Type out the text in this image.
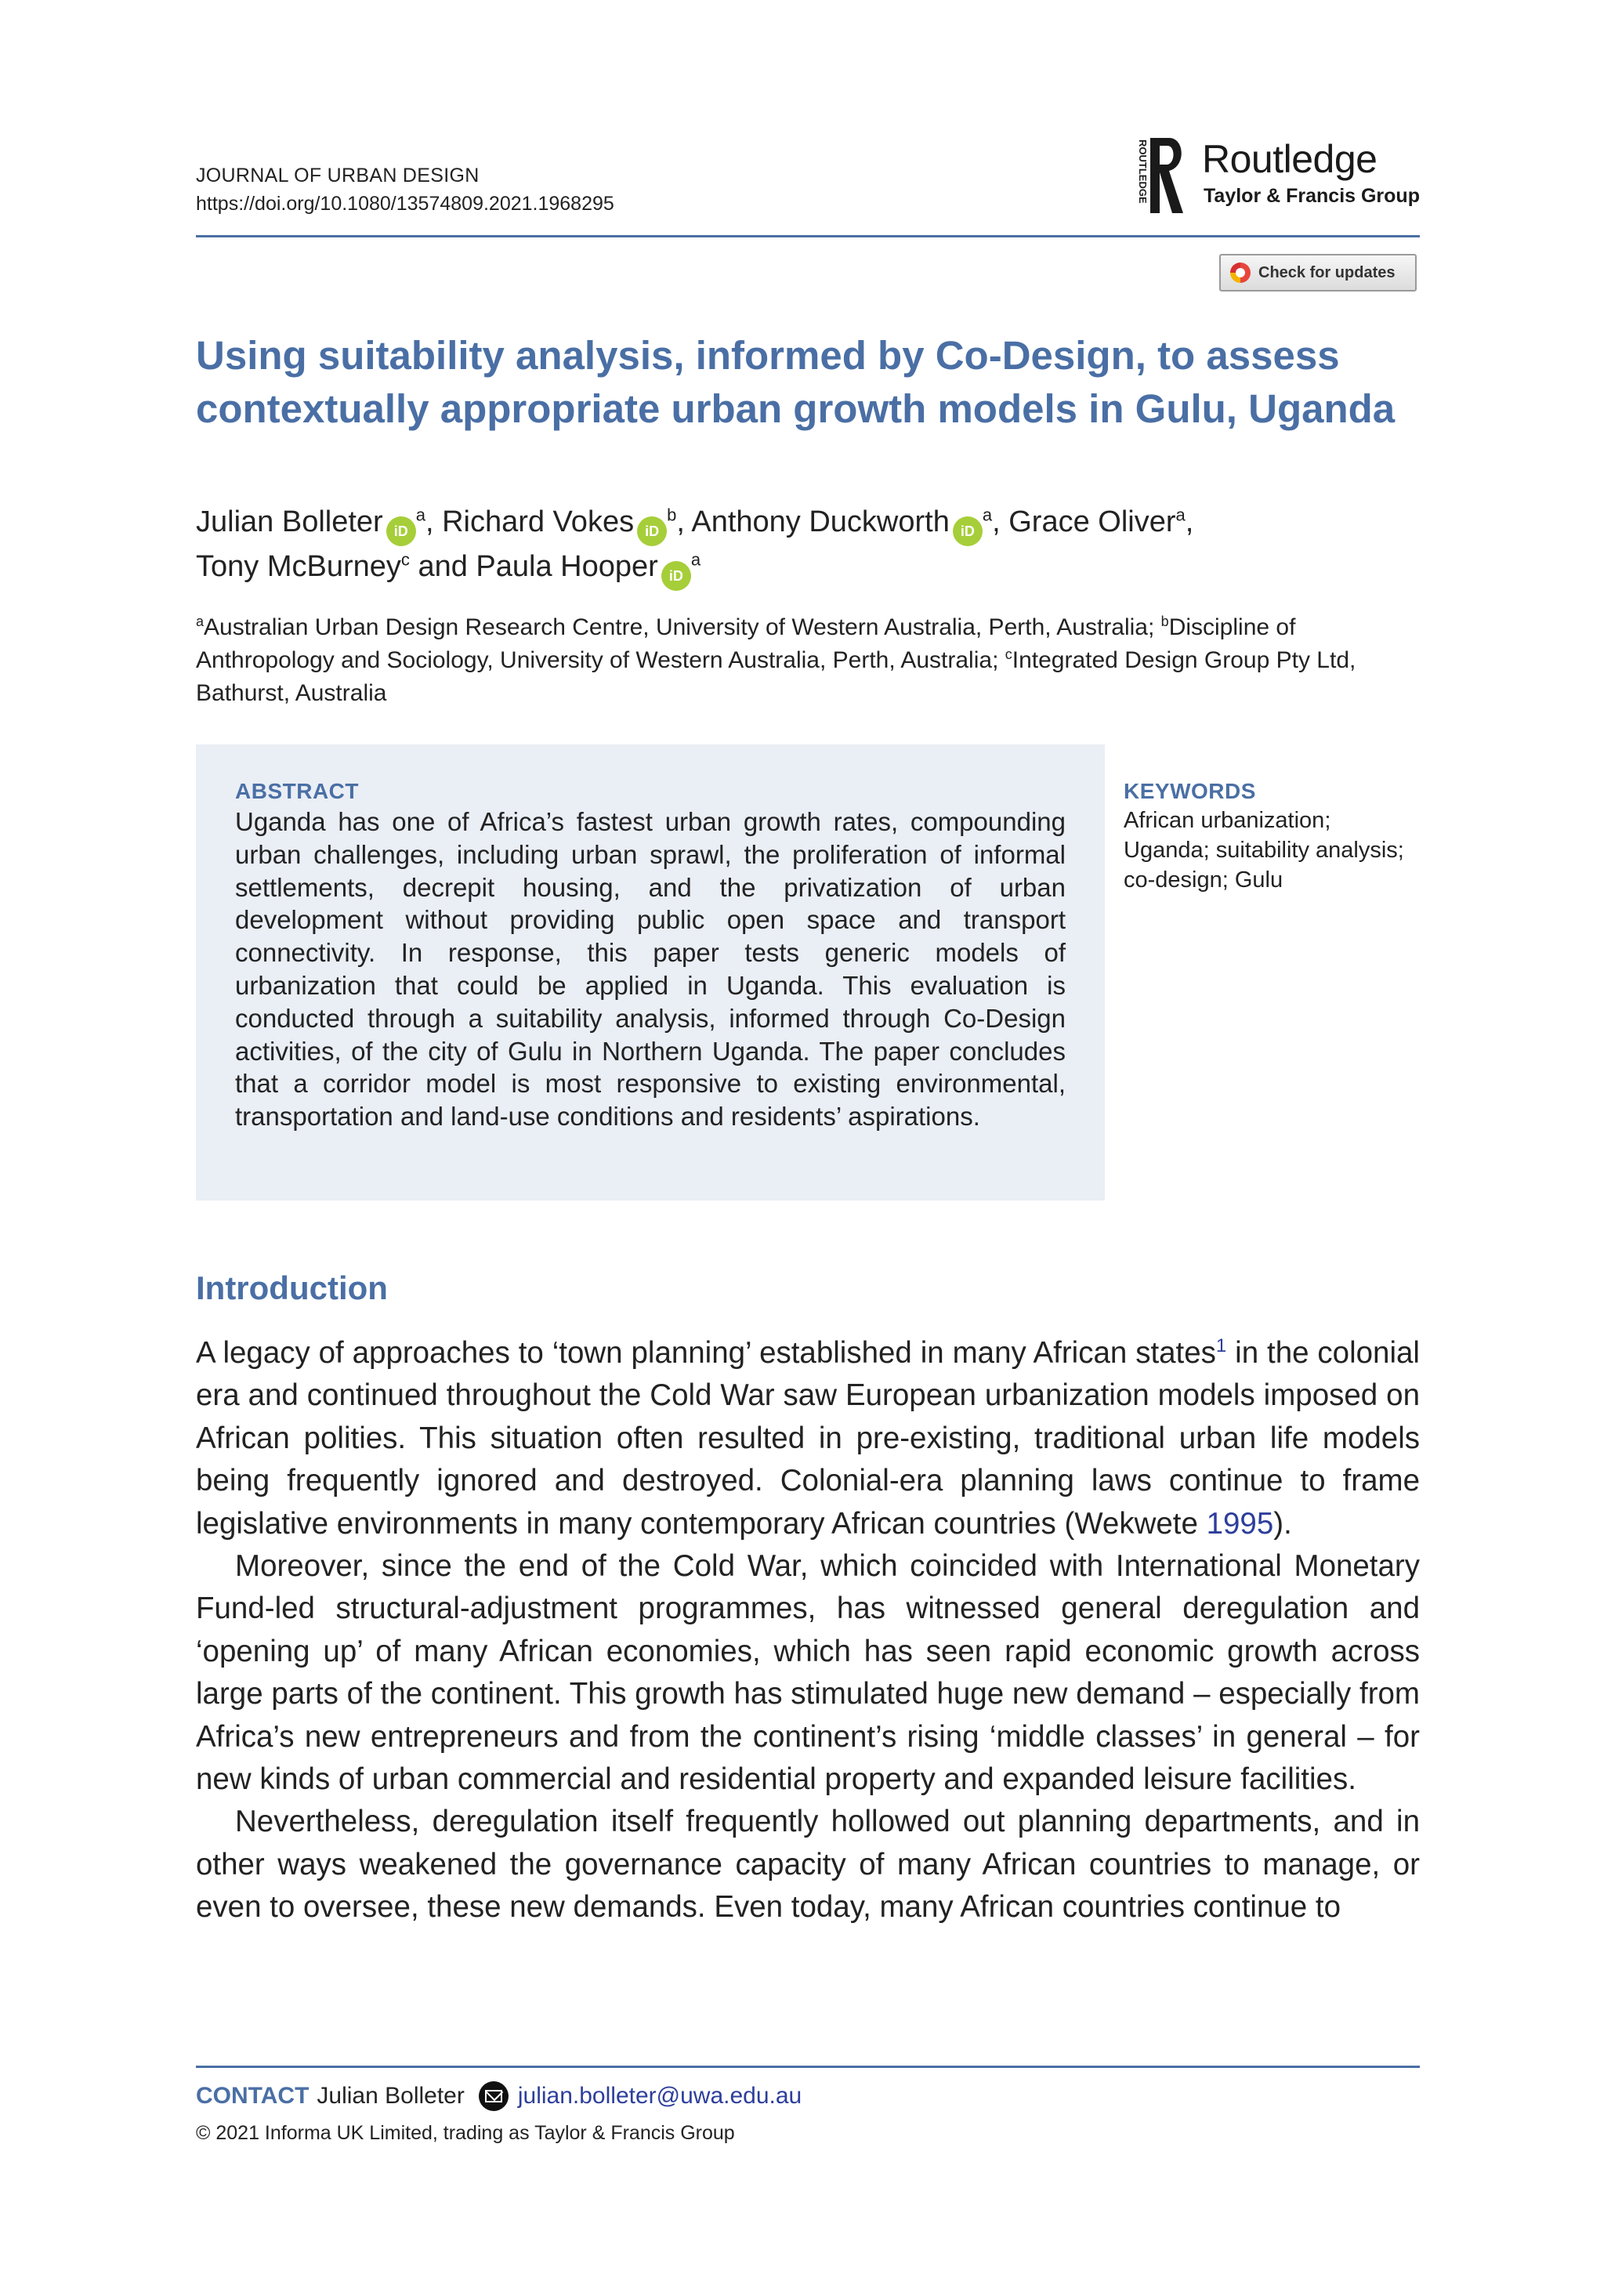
JOURNAL OF URBAN DESIGN
https://doi.org/10.1080/13574809.2021.1968295
ROUTLEDGE Routledge
Taylor & Francis Group
Check for updates
Using suitability analysis, informed by Co-Design, to assess contextually appropriate urban growth models in Gulu, Uganda
Julian Bolleter $iD^a$, Richard Vokes $iD^b$, Anthony Duckworth $iD^a$, Grace Oliver$^a$,
Tony McBurney$^c$ and Paula Hooper $iD^a$
$^a$Australian Urban Design Research Centre, University of Western Australia, Perth, Australia; $^b$Discipline of Anthropology and Sociology, University of Western Australia, Perth, Australia; $^c$Integrated Design Group Pty Ltd, Bathurst, Australia
ABSTRACT
Uganda has one of Africa’s fastest urban growth rates, compounding urban challenges, including urban sprawl, the proliferation of informal settlements, decrepit housing, and the privatization of urban development without providing public open space and transport connectivity. In response, this paper tests generic models of urbanization that could be applied in Uganda. This evaluation is conducted through a suitability analysis, informed through Co-Design activities, of the city of Gulu in Northern Uganda. The paper concludes that a corridor model is most responsive to existing environmental, transportation and land-use conditions and residents’ aspirations.
KEYWORDS
African urbanization; Uganda; suitability analysis; co-design; Gulu
Introduction

A legacy of approaches to ‘town planning’ established in many African states$^1$ in the colonial era and continued throughout the Cold War saw European urbanization models imposed on African polities. This situation often resulted in pre-existing, traditional urban life models being frequently ignored and destroyed. Colonial-era planning laws continue to frame legislative environments in many contemporary African countries (Wekwete 1995).

Moreover, since the end of the Cold War, which coincided with International Monetary Fund-led structural-adjustment programmes, has witnessed general deregulation and ‘opening up’ of many African economies, which has seen rapid economic growth across large parts of the continent. This growth has stimulated huge new demand – especially from Africa’s new entrepreneurs and from the continent’s rising ‘middle classes’ in general – for new kinds of urban commercial and residential property and expanded leisure facilities.

Nevertheless, deregulation itself frequently hollowed out planning departments, and in other ways weakened the governance capacity of many African countries to manage, or even to oversee, these new demands. Even today, many African countries continue to

CONTACT Julian Bolleter julian.bolleter@uwa.edu.au
© 2021 Informa UK Limited, trading as Taylor & Francis Group
